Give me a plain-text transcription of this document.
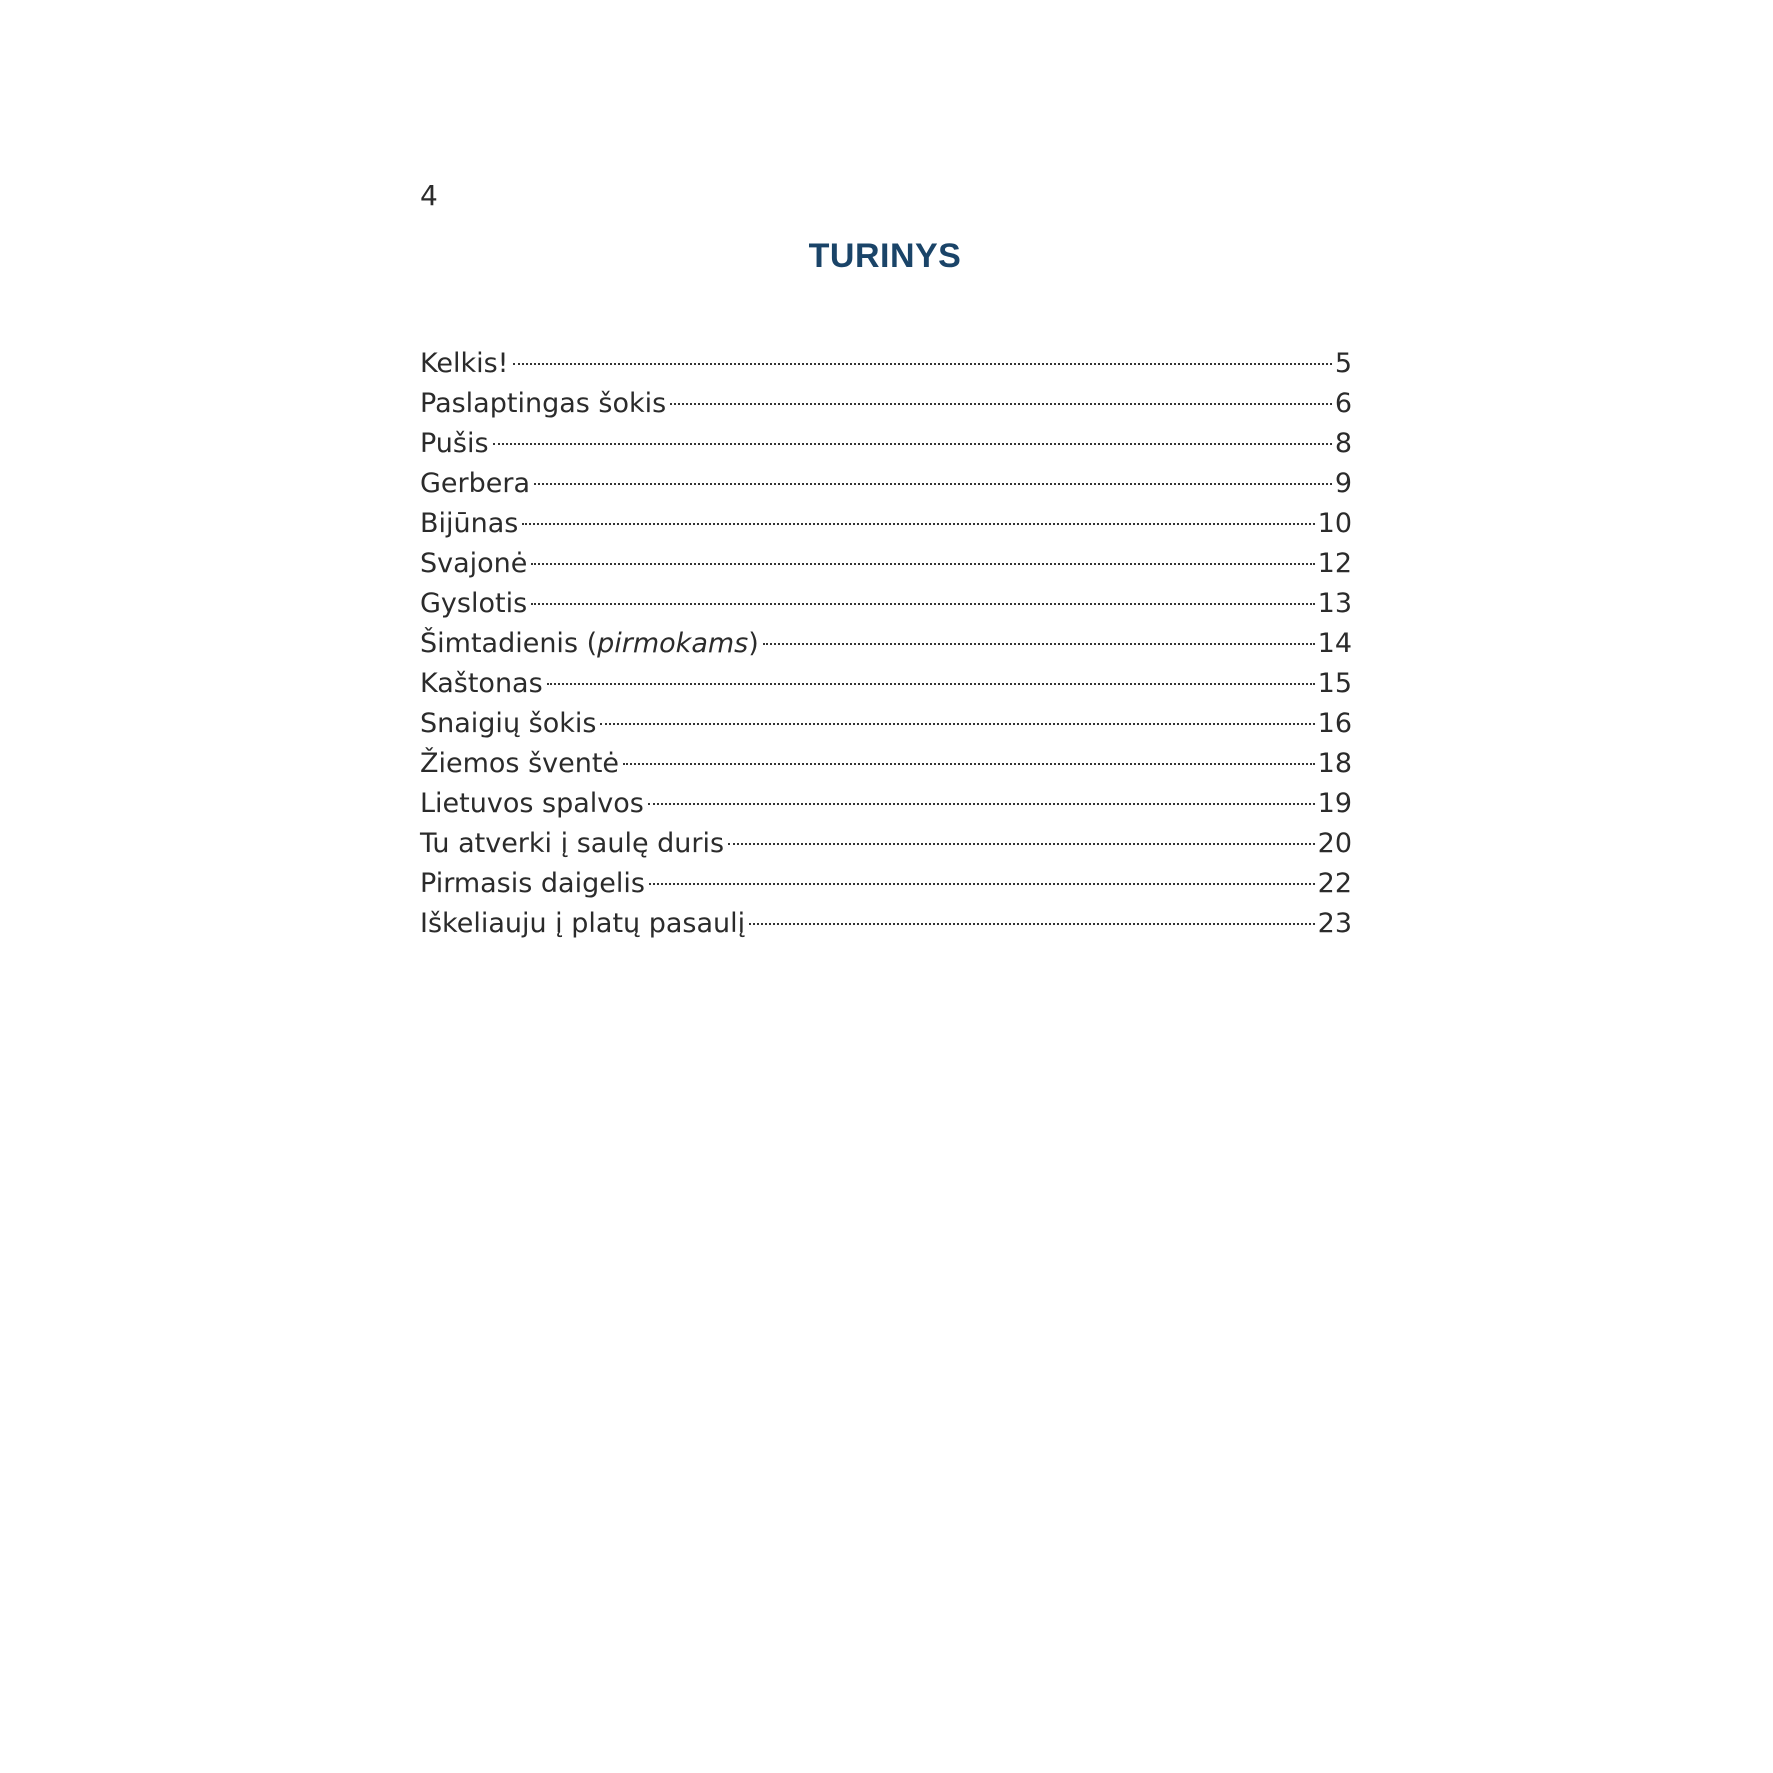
4
TURINYS
Kelkis!	5
Paslaptingas šokis	6
Pušis	8
Gerbera	9
Bijūnas	10
Svajonė	12
Gyslotis	13
Šimtadienis (pirmokams)	14
Kaštonas	15
Snaigių šokis	16
Žiemos šventė	18
Lietuvos spalvos	19
Tu atverki į saulę duris	20
Pirmasis daigelis	22
Iškeliauju į platų pasaulį	23
